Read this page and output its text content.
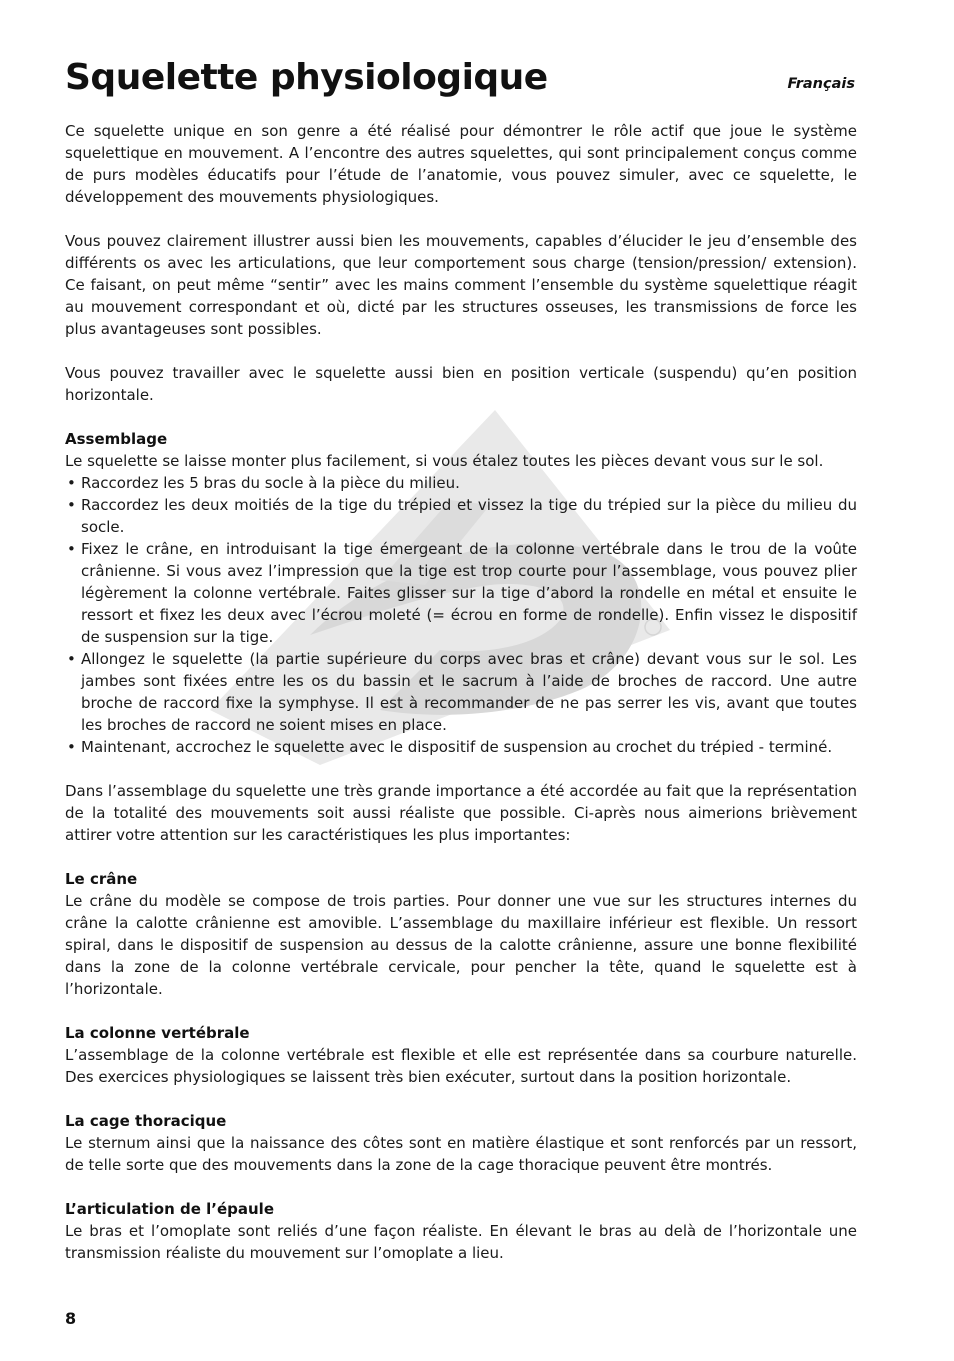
Squelette physiologique	Français

Ce squelette unique en son genre a été réalisé pour démontrer le rôle actif que joue le système squelettique en mouvement. A l’encontre des autres squelettes, qui sont principalement conçus comme de purs modèles éducatifs pour l’étude de l’anatomie, vous pouvez simuler, avec ce squelette, le développement des mouvements physiologiques.

Vous pouvez clairement illustrer aussi bien les mouvements, capables d’élucider le jeu d’ensemble des différents os avec les articulations, que leur comportement sous charge (tension/pression/ extension). Ce faisant, on peut même “sentir” avec les mains comment l’ensemble du système squelettique réagit au mouvement correspondant et où, dicté par les structures osseuses, les transmissions de force les plus avantageuses sont possibles.

Vous pouvez travailler avec le squelette aussi bien en position verticale (suspendu) qu’en position horizontale.

Assemblage

Le squelette se laisse monter plus facilement, si vous étalez toutes les pièces devant vous sur le sol.

• Raccordez les 5 bras du socle à la pièce du milieu.
• Raccordez les deux moitiés de la tige du trépied et vissez la tige du trépied sur la pièce du milieu du socle.
• Fixez le crâne, en introduisant la tige émergeant de la colonne vertébrale dans le trou de la voûte crânienne. Si vous avez l’impression que la tige est trop courte pour l’assemblage, vous pouvez plier légèrement la colonne vertébrale. Faites glisser sur la tige d’abord la rondelle en métal et ensuite le ressort et fixez les deux avec l’écrou moleté (= écrou en forme de rondelle). Enfin vissez le dispositif de suspension sur la tige.
• Allongez le squelette (la partie supérieure du corps avec bras et crâne) devant vous sur le sol. Les jambes sont fixées entre les os du bassin et le sacrum à l’aide de broches de raccord. Une autre broche de raccord fixe la symphyse. Il est à recommander de ne pas serrer les vis, avant que toutes les broches de raccord ne soient mises en place.
• Maintenant, accrochez le squelette avec le dispositif de suspension au crochet du trépied - terminé.

Dans l’assemblage du squelette une très grande importance a été accordée au fait que la représentation de la totalité des mouvements soit aussi réaliste que possible. Ci-après nous aimerions brièvement attirer votre attention sur les caractéristiques les plus importantes:

Le crâne

Le crâne du modèle se compose de trois parties. Pour donner une vue sur les structures internes du crâne la calotte crânienne est amovible. L’assemblage du maxillaire inférieur est flexible. Un ressort spiral, dans le dispositif de suspension au dessus de la calotte crânienne, assure une bonne flexibilité dans la zone de la colonne vertébrale cervicale, pour pencher la tête, quand le squelette est à l’horizontale.

La colonne vertébrale

L’assemblage de la colonne vertébrale est flexible et elle est représentée dans sa courbure naturelle. Des exercices physiologiques se laissent très bien exécuter, surtout dans la position horizontale.

La cage thoracique

Le sternum ainsi que la naissance des côtes sont en matière élastique et sont renforcés par un ressort, de telle sorte que des mouvements dans la zone de la cage thoracique peuvent être montrés.

L’articulation de l’épaule

Le bras et l’omoplate sont reliés d’une façon réaliste. En élevant le bras au delà de l’horizontale une transmission réaliste du mouvement sur l’omoplate a lieu.

8
